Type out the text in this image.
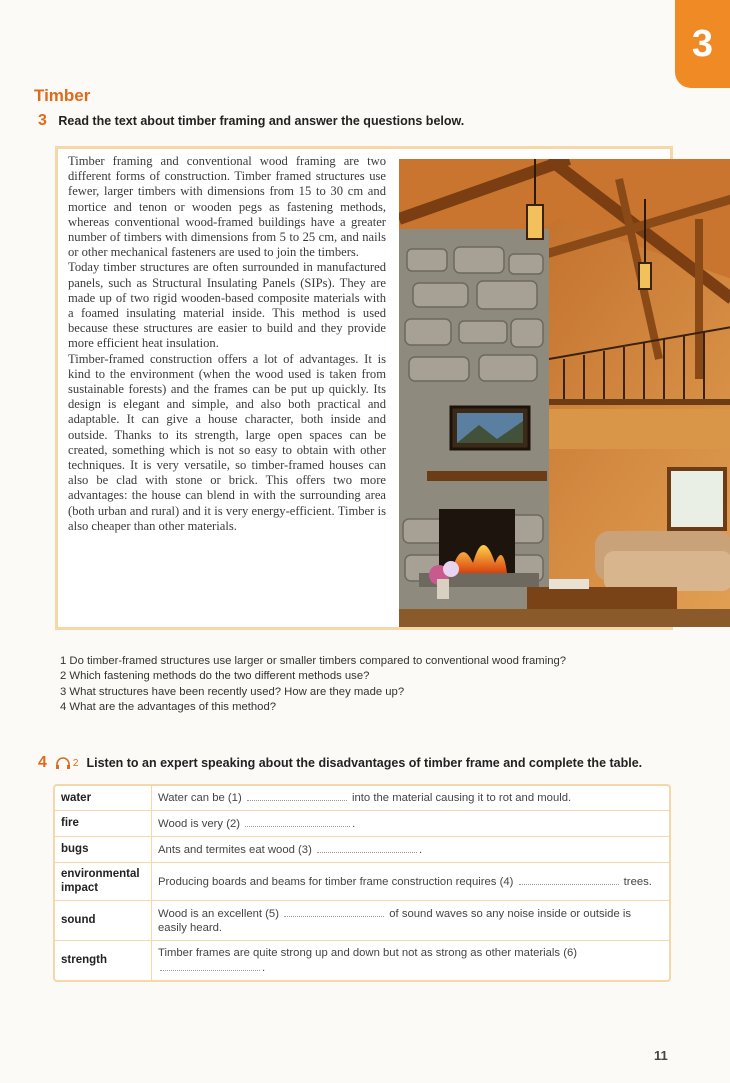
3
Timber
3 Read the text about timber framing and answer the questions below.

Timber framing and conventional wood framing are two different forms of construction. Timber framed structures use fewer, larger timbers with dimensions from 15 to 30 cm and mortice and tenon or wooden pegs as fastening methods, whereas conventional wood-framed buildings have a greater number of timbers with dimensions from 5 to 25 cm, and nails or other mechanical fasteners are used to join the timbers.

Today timber structures are often surrounded in manufactured panels, such as Structural Insulating Panels (SIPs). They are made up of two rigid wooden-based composite materials with a foamed insulating material inside. This method is used because these structures are easier to build and they provide more efficient heat insulation.

Timber-framed construction offers a lot of advantages. It is kind to the environment (when the wood used is taken from sustainable forests) and the frames can be put up quickly. Its design is elegant and simple, and also both practical and adaptable. It can give a house character, both inside and outside. Thanks to its strength, large open spaces can be created, something which is not so easy to obtain with other techniques. It is very versatile, so timber-framed houses can also be clad with stone or brick. This offers two more advantages: the house can blend in with the surrounding area (both urban and rural) and it is very energy-efficient. Timber is also cheaper than other materials.

1 Do timber-framed structures use larger or smaller timbers compared to conventional wood framing?
2 Which fastening methods do the two different methods use?
3 What structures have been recently used? How are they made up?
4 What are the advantages of this method?
4	2 Listen to an expert speaking about the disadvantages of timber frame and complete the table.
water	Water can be (1) into the material causing it to rot and mould.
fire	Wood is very (2) .
bugs	Ants and termites eat wood (3) .
environmental impact	Producing boards and beams for timber frame construction requires (4) trees.
sound	Wood is an excellent (5) of sound waves so any noise inside or outside is easily heard.
strength	Timber frames are quite strong up and down but not as strong as other materials (6) .
11
